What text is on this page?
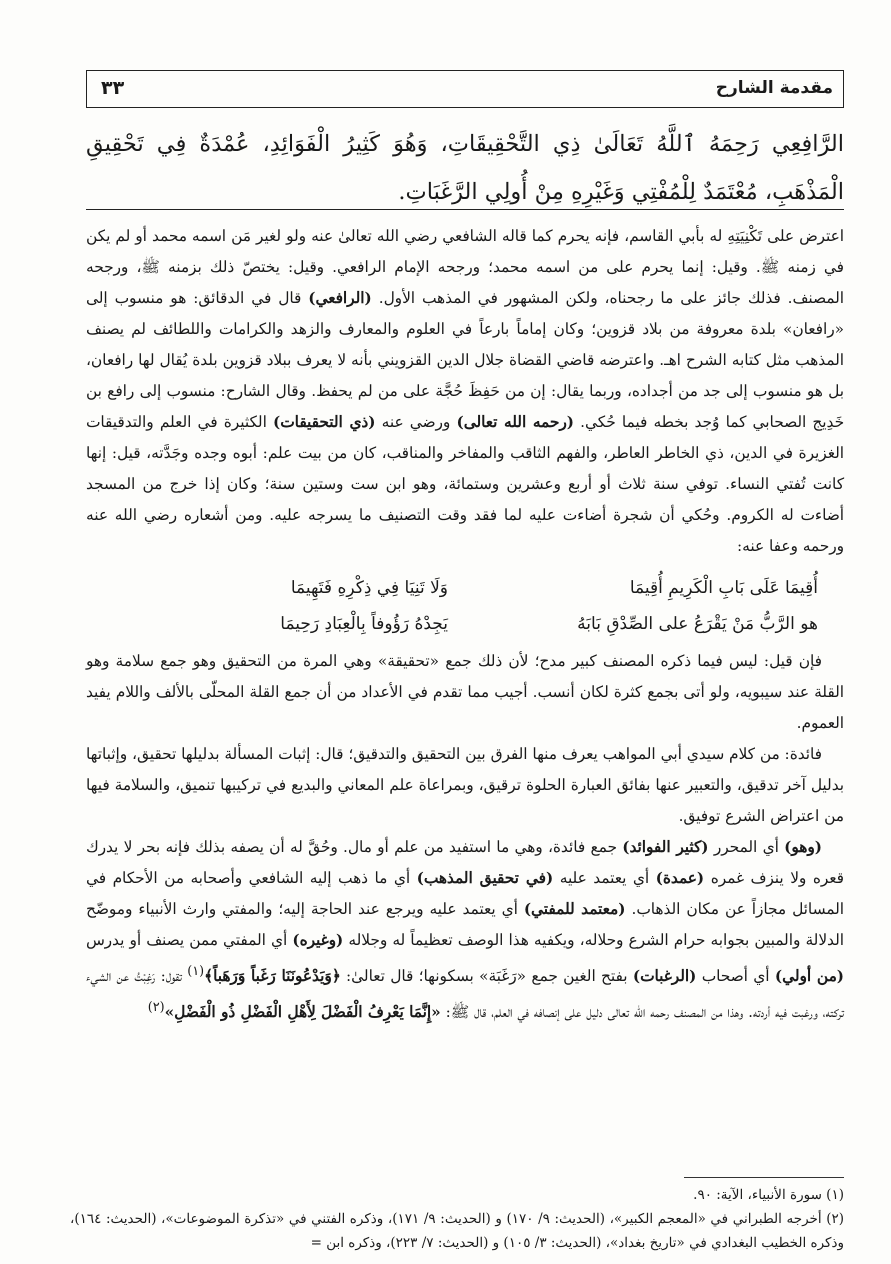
مقدمة الشارح
٣٣
الرَّافِعِي رَحِمَهُ ٱللَّهُ تَعَالَىٰ ذِي التَّحْقِيقَاتِ، وَهُوَ كَثِيرُ الْفَوَائِدِ، عُمْدَةٌ فِي تَحْقِيقِ الْمَذْهَبِ، مُعْتَمَدٌ لِلْمُفْتِي وَغَيْرِهِ مِنْ أُولِي الرَّغَبَاتِ.

اعترض على تَكْنِيَتِهِ له بأبي القاسم، فإنه يحرم كما قاله الشافعي رضي الله تعالىٰ عنه ولو لغير مَن اسمه محمد أو لم يكن في زمنه ﷺ. وقيل: إنما يحرم على من اسمه محمد؛ ورجحه الإمام الرافعي. وقيل: يختصّ ذلك بزمنه ﷺ، ورجحه المصنف. فذلك جائز على ما رجحناه، ولكن المشهور في المذهب الأول. (الرافعي) قال في الدقائق: هو منسوب إلى «رافعان» بلدة معروفة من بلاد قزوين؛ وكان إماماً بارعاً في العلوم والمعارف والزهد والكرامات واللطائف لم يصنف المذهب مثل كتابه الشرح اهـ. واعترضه قاضي القضاة جلال الدين القزويني بأنه لا يعرف ببلاد قزوين بلدة يُقال لها رافعان، بل هو منسوب إلى جد من أجداده، وربما يقال: إن من حَفِظَ حُجَّة على من لم يحفظ. وقال الشارح: منسوب إلى رافع بن خَدِيج الصحابي كما وُجد بخطه فيما حُكي. (رحمه الله تعالى) ورضي عنه (ذي التحقيقات) الكثيرة في العلم والتدقيقات الغزيرة في الدين، ذي الخاطر العاطر، والفهم الثاقب والمفاخر والمناقب، كان من بيت علم: أبوه وجده وجَدَّته، قيل: إنها كانت تُفتي النساء. توفي سنة ثلاث أو أربع وعشرين وستمائة، وهو ابن ست وستين سنة؛ وكان إذا خرج من المسجد أضاءت له الكروم. وحُكي أن شجرة أضاءت عليه لما فقد وقت التصنيف ما يسرجه عليه. ومن أشعاره رضي الله عنه ورحمه وعفا عنه:

أُقِيمَا عَلَى بَابِ الْكَرِيمِ أُقِيمَا
وَلَا تَنِيَا فِي ذِكْرِهِ فَتَهِيمَا
هو الرَّبُّ مَنْ يَقْرَعُ على الصِّدْقِ بَابَهُ
يَجِدْهُ رَؤُوفاً بِالْعِبَادِ رَحِيمَا

فإن قيل: ليس فيما ذكره المصنف كبير مدح؛ لأن ذلك جمع «تحقيقة» وهي المرة من التحقيق وهو جمع سلامة وهو القلة عند سيبويه، ولو أتى بجمع كثرة لكان أنسب. أجيب مما تقدم في الأعداد من أن جمع القلة المحلّى بالألف واللام يفيد العموم.

فائدة: من كلام سيدي أبي المواهب يعرف منها الفرق بين التحقيق والتدقيق؛ قال: إثبات المسألة بدليلها تحقيق، وإثباتها بدليل آخر تدقيق، والتعبير عنها بفائق العبارة الحلوة ترقيق، وبمراعاة علم المعاني والبديع في تركيبها تنميق، والسلامة فيها من اعتراض الشرع توفيق.

(وهو) أي المحرر (كثير الفوائد) جمع فائدة، وهي ما استفيد من علم أو مال. وحُقَّ له أن يصفه بذلك فإنه بحر لا يدرك قعره ولا ينزف غمره (عمدة) أي يعتمد عليه (في تحقيق المذهب) أي ما ذهب إليه الشافعي وأصحابه من الأحكام في المسائل مجازاً عن مكان الذهاب. (معتمد للمفتي) أي يعتمد عليه ويرجع عند الحاجة إليه؛ والمفتي وارث الأنبياء وموضّح الدلالة والمبين بجوابه حرام الشرع وحلاله، ويكفيه هذا الوصف تعظيماً له وجلاله (وغيره) أي المفتي ممن يصنف أو يدرس (من أولي) أي أصحاب (الرغبات) بفتح الغين جمع «رَغَبَة» بسكونها؛ قال تعالىٰ: ﴿وَيَدْعُونَنَا رَغَباً وَرَهَباً﴾$^{(١)}$ تقول: رَغِبْتُ عن الشيء تركته، ورغبت فيه أردته. وهذا من المصنف رحمه الله تعالى دليل على إنصافه في العلم، قال ﷺ: «إِنَّمَا يَعْرِفُ الْفَضْلَ لِأَهْلِ الْفَضْلِ ذُو الْفَضْلِ»$^{(٢)}$

(١) سورة الأنبياء، الآية: ٩٠.

(٢) أخرجه الطبراني في «المعجم الكبير»، (الحديث: ٩/ ١٧٠) و (الحديث: ٩/ ١٧١)، وذكره الفتني في «تذكرة الموضوعات»، (الحديث: ١٦٤)، وذكره الخطيب البغدادي في «تاريخ بغداد»، (الحديث: ٣/ ١٠٥) و (الحديث: ٧/ ٢٢٣)، وذكره ابن =
